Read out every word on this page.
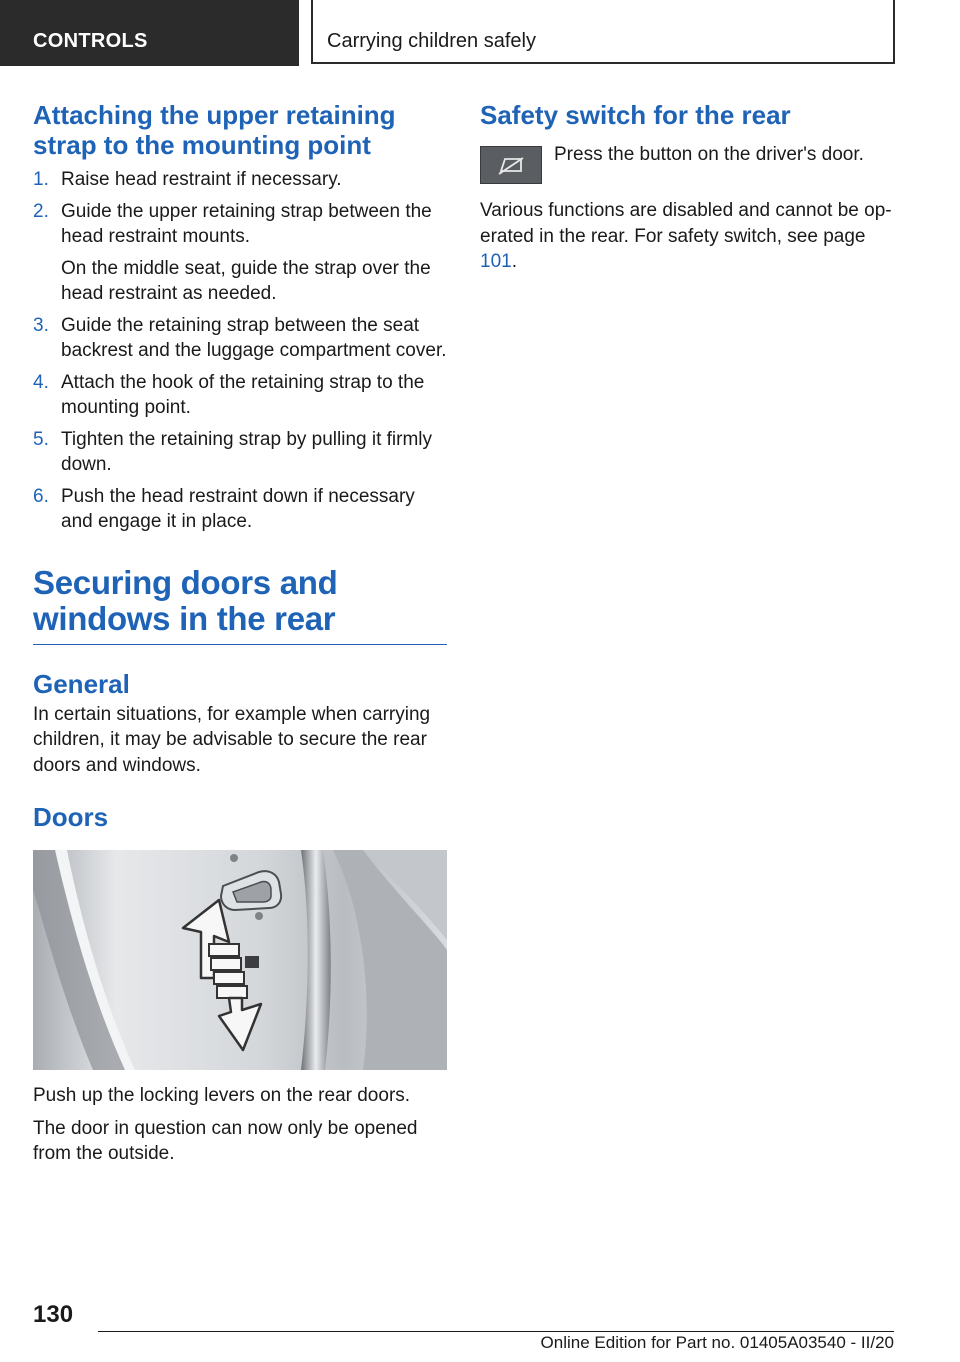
CONTROLS	Carrying children safely
Attaching the upper retaining
strap to the mounting point
1. Raise head restraint if necessary.
2. Guide the upper retaining strap between the head restraint mounts.
On the middle seat, guide the strap over the head restraint as needed.
3. Guide the retaining strap between the seat backrest and the luggage compartment cover.
4. Attach the hook of the retaining strap to the mounting point.
5. Tighten the retaining strap by pulling it firmly down.
6. Push the head restraint down if necessary and engage it in place.
Securing doors and
windows in the rear
General

In certain situations, for example when carrying children, it may be advisable to secure the rear doors and windows.

Doors

Push up the locking levers on the rear doors.

The door in question can now only be opened from the outside.

Safety switch for the rear

Press the button on the driver's door.

Various functions are disabled and cannot be op-erated in the rear. For safety switch, see page 101.

130
Online Edition for Part no. 01405A03540 - II/20
